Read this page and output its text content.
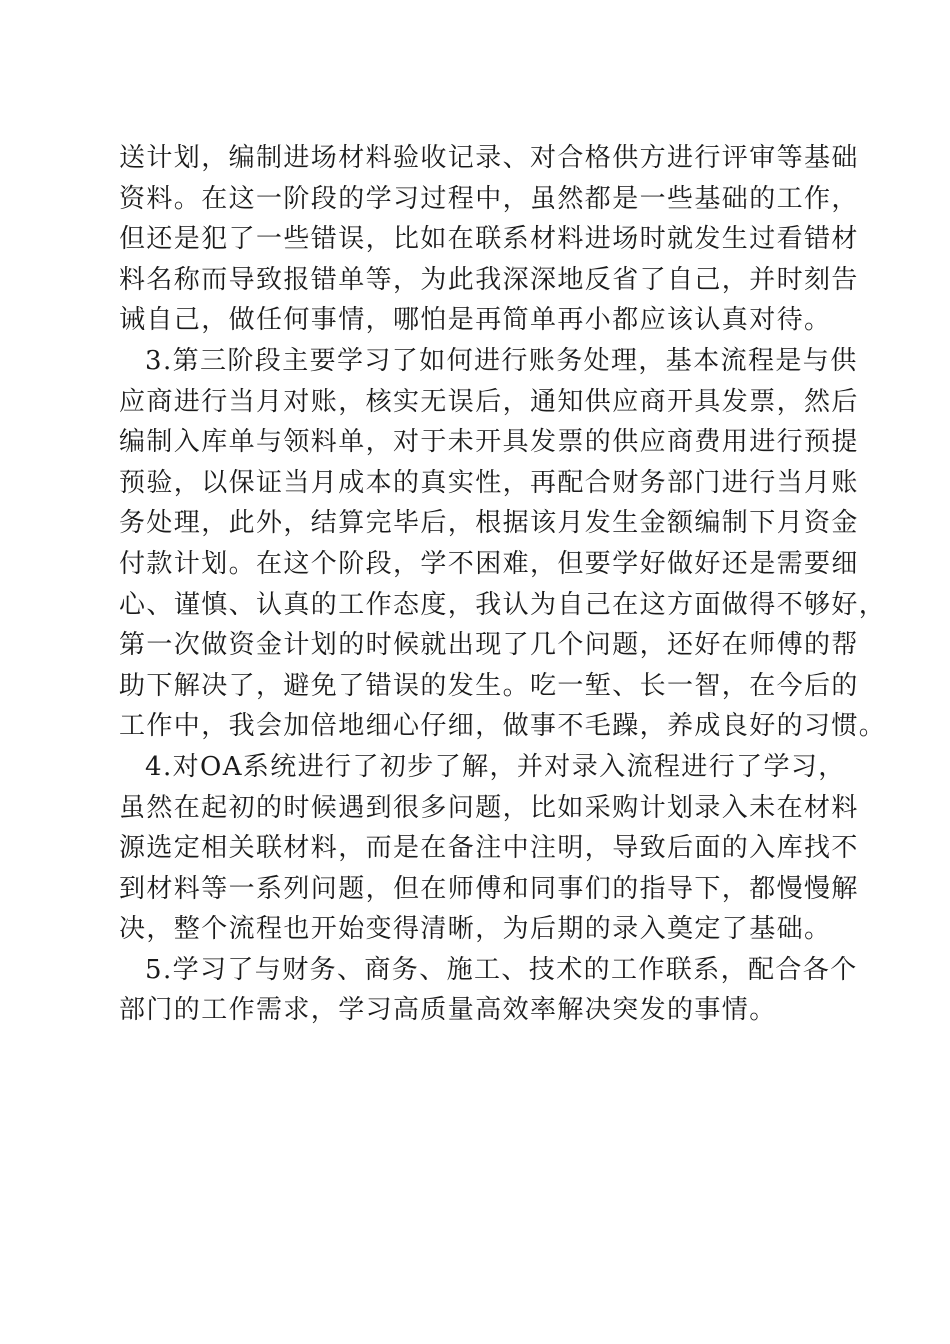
送计划，编制进场材料验收记录、对合格供方进行评审等基础
资料。在这一阶段的学习过程中，虽然都是一些基础的工作，
但还是犯了一些错误，比如在联系材料进场时就发生过看错材
料名称而导致报错单等，为此我深深地反省了自己，并时刻告
诫自己，做任何事情，哪怕是再简单再小都应该认真对待。
3.第三阶段主要学习了如何进行账务处理，基本流程是与供
应商进行当月对账，核实无误后，通知供应商开具发票，然后
编制入库单与领料单，对于未开具发票的供应商费用进行预提
预验，以保证当月成本的真实性，再配合财务部门进行当月账
务处理，此外，结算完毕后，根据该月发生金额编制下月资金
付款计划。在这个阶段，学不困难，但要学好做好还是需要细
心、谨慎、认真的工作态度，我认为自己在这方面做得不够好，
第一次做资金计划的时候就出现了几个问题，还好在师傅的帮
助下解决了，避免了错误的发生。吃一堑、长一智，在今后的
工作中，我会加倍地细心仔细，做事不毛躁，养成良好的习惯。
4.对OA系统进行了初步了解，并对录入流程进行了学习，
虽然在起初的时候遇到很多问题，比如采购计划录入未在材料
源选定相关联材料，而是在备注中注明，导致后面的入库找不
到材料等一系列问题，但在师傅和同事们的指导下，都慢慢解
决，整个流程也开始变得清晰，为后期的录入奠定了基础。
5.学习了与财务、商务、施工、技术的工作联系，配合各个
部门的工作需求，学习高质量高效率解决突发的事情。
